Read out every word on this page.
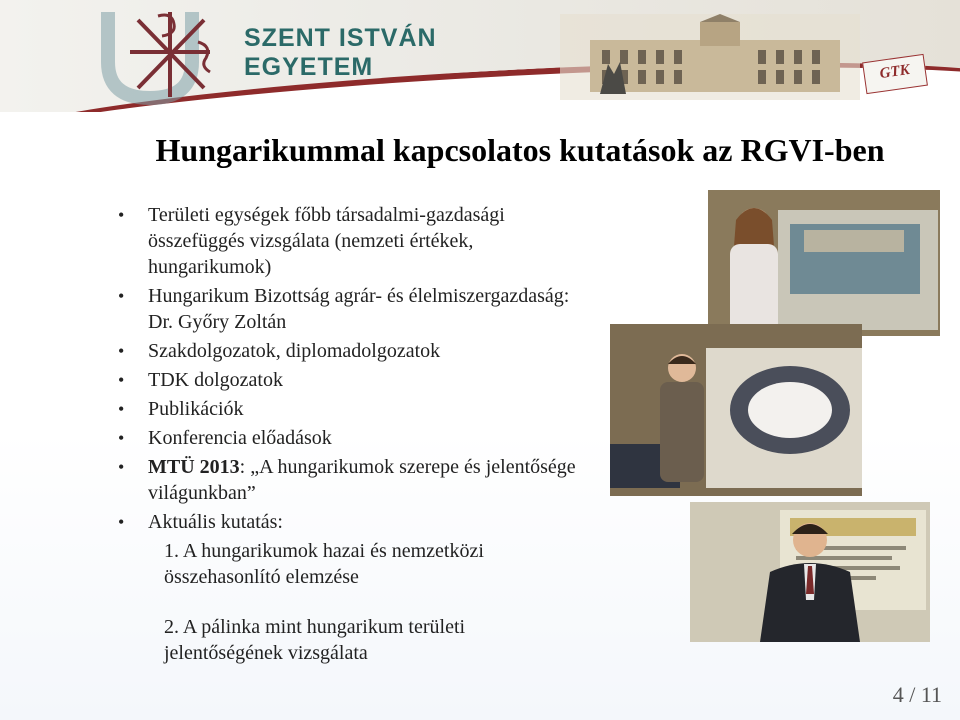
SZENT ISTVÁN
EGYETEM	GTK
Hungarikummal kapcsolatos kutatások az RGVI-ben
• Területi egységek főbb társadalmi-gazdasági összefüggés vizsgálata (nemzeti értékek, hungarikumok)
• Hungarikum Bizottság agrár- és élelmiszergazdaság: Dr. Győry Zoltán
• Szakdolgozatok, diplomadolgozatok
• TDK dolgozatok
• Publikációk
• Konferencia előadások
• MTÜ 2013: „A hungarikumok szerepe és jelentősége világunkban”
• Aktuális kutatás:
1. A hungarikumok hazai és nemzetközi összehasonlító elemzése
2. A pálinka mint hungarikum területi jelentőségének vizsgálata
4 / 11
